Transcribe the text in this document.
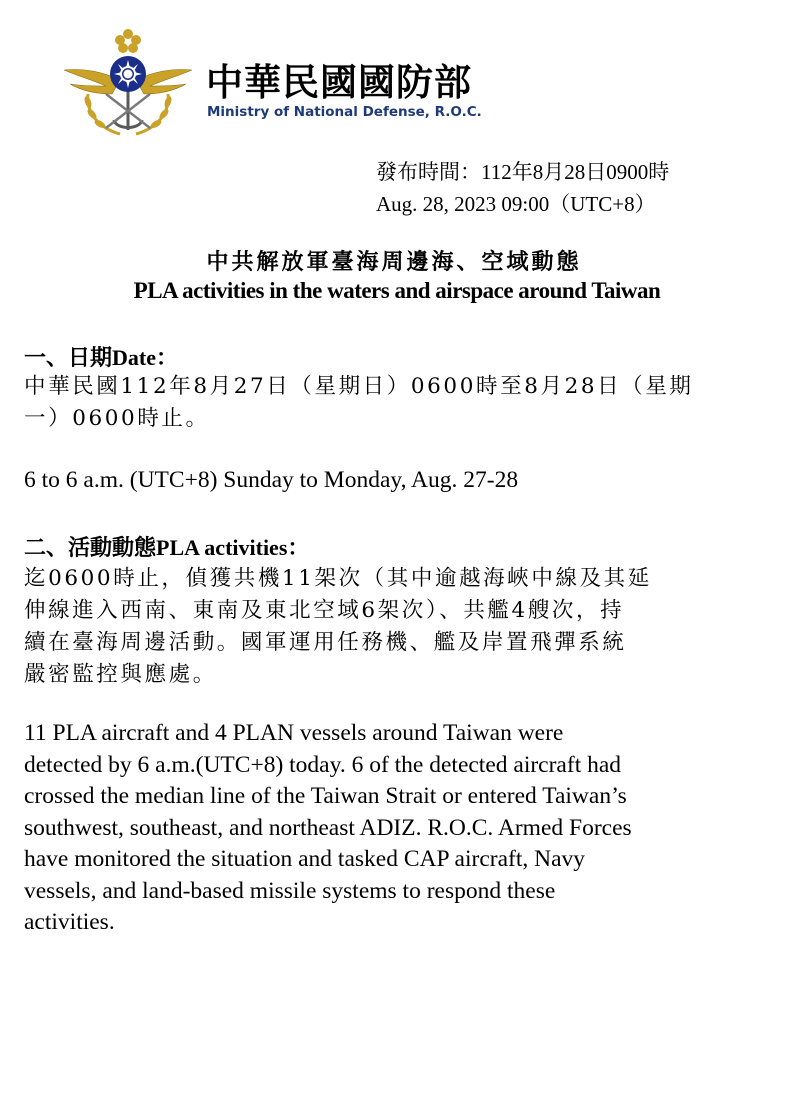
中華民國國防部
Ministry of National Defense, R.O.C.
發布時間：112年8月28日0900時
Aug. 28, 2023 09:00（UTC+8）
中共解放軍臺海周邊海、空域動態
PLA activities in the waters and airspace around Taiwan
一、日期Date：
中華民國112年8月27日（星期日）0600時至8月28日（星期
一）0600時止。
6 to 6 a.m. (UTC+8) Sunday to Monday, Aug. 27-28
二、活動動態PLA activities：
迄0600時止，偵獲共機11架次（其中逾越海峽中線及其延
伸線進入西南、東南及東北空域6架次）、共艦4艘次，持
續在臺海周邊活動。國軍運用任務機、艦及岸置飛彈系統
嚴密監控與應處。
11 PLA aircraft and 4 PLAN vessels around Taiwan were
detected by 6 a.m.(UTC+8) today. 6 of the detected aircraft had
crossed the median line of the Taiwan Strait or entered Taiwan’s
southwest, southeast, and northeast ADIZ. R.O.C. Armed Forces
have monitored the situation and tasked CAP aircraft, Navy
vessels, and land-based missile systems to respond these
activities.
